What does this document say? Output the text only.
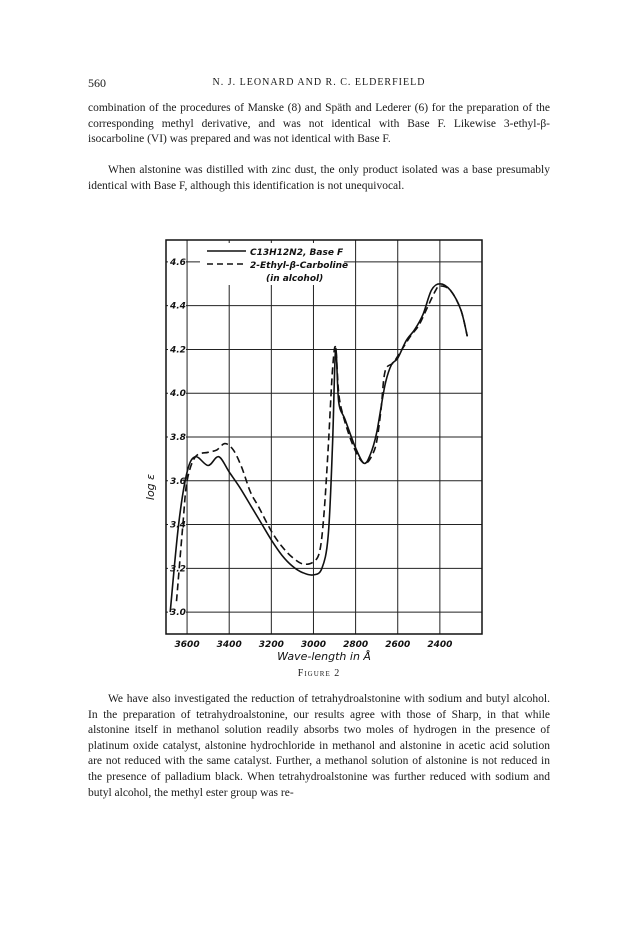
560	N. J. LEONARD AND R. C. ELDERFIELD

combination of the procedures of Manske (8) and Späth and Lederer (6) for the preparation of the corresponding methyl derivative, and was not identical with Base F. Likewise 3-ethyl-β-isocarboline (VI) was prepared and was not identical with Base F.

When alstonine was distilled with zinc dust, the only product isolated was a base presumably identical with Base F, although this identification is not unequivocal.

3.0
3.2
3.4
3.6
3.8
4.0
4.2
4.4
4.6
3600 3400 3200 3000 2800 2600 2400
C13H12N2, Base F
2-Ethyl-β-Carboline
(in alcohol)
log ε
Wave-length in Å
Figure 2

We have also investigated the reduction of tetrahydroalstonine with sodium and butyl alcohol. In the preparation of tetrahydroalstonine, our results agree with those of Sharp, in that while alstonine itself in methanol solution readily absorbs two moles of hydrogen in the presence of platinum oxide catalyst, alstonine hydrochloride in methanol and alstonine in acetic acid solution are not reduced with the same catalyst. Further, a methanol solution of alstonine is not reduced in the presence of palladium black. When tetrahydroalstonine was further reduced with sodium and butyl alcohol, the methyl ester group was re-
